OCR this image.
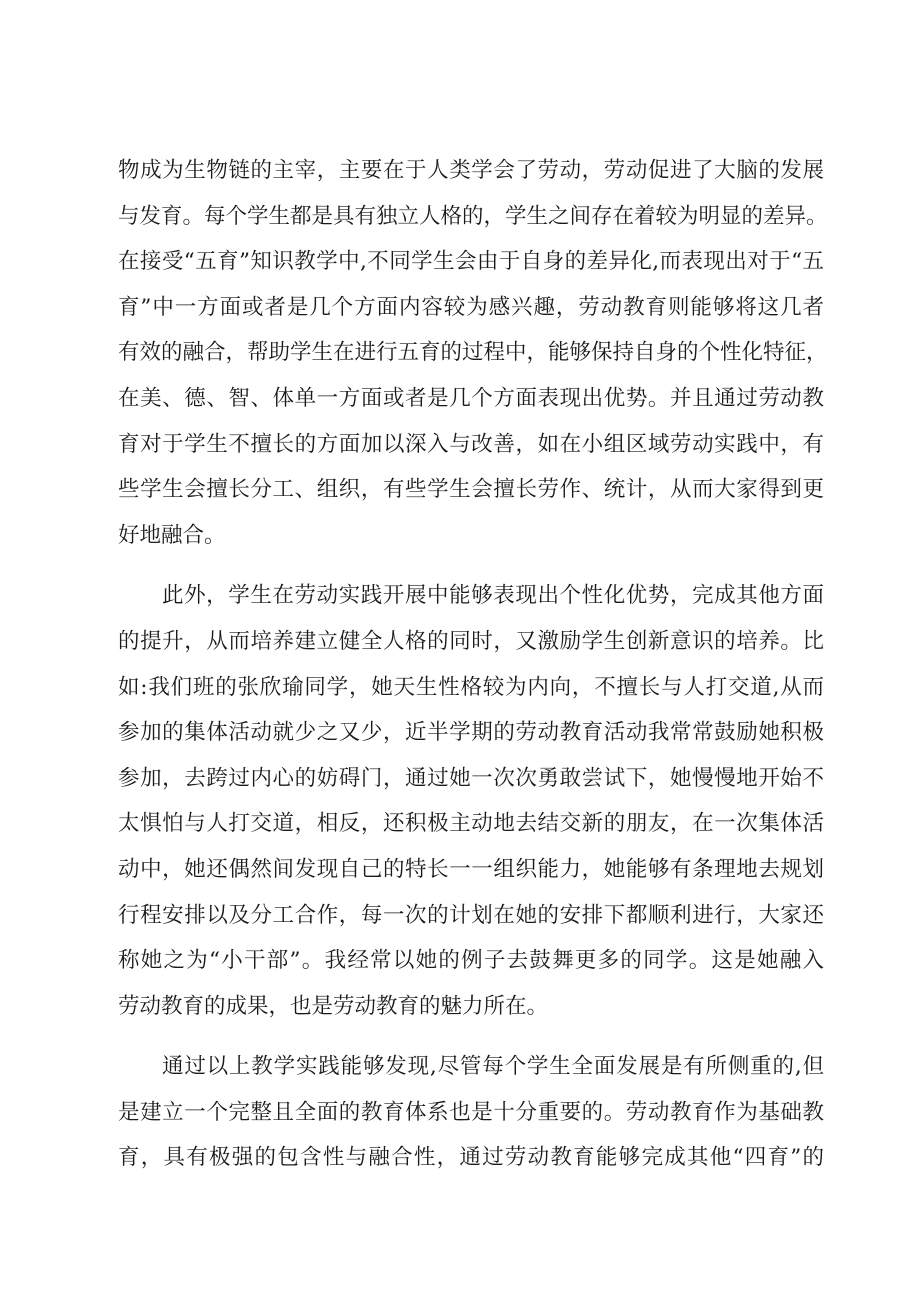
物成为生物链的主宰，主要在于人类学会了劳动，劳动促进了大脑的发展
与发育。每个学生都是具有独立人格的，学生之间存在着较为明显的差异。
在接受“五育”知识教学中,不同学生会由于自身的差异化,而表现出对于“五
育”中一方面或者是几个方面内容较为感兴趣，劳动教育则能够将这几者
有效的融合，帮助学生在进行五育的过程中，能够保持自身的个性化特征，
在美、德、智、体单一方面或者是几个方面表现出优势。并且通过劳动教
育对于学生不擅长的方面加以深入与改善，如在小组区域劳动实践中，有
些学生会擅长分工、组织，有些学生会擅长劳作、统计，从而大家得到更
好地融合。
此外，学生在劳动实践开展中能够表现出个性化优势，完成其他方面
的提升，从而培养建立健全人格的同时，又激励学生创新意识的培养。比
如:我们班的张欣瑜同学，她天生性格较为内向，不擅长与人打交道,从而
参加的集体活动就少之又少，近半学期的劳动教育活动我常常鼓励她积极
参加，去跨过内心的妨碍门，通过她一次次勇敢尝试下，她慢慢地开始不
太惧怕与人打交道，相反，还积极主动地去结交新的朋友，在一次集体活
动中，她还偶然间发现自己的特长一一组织能力，她能够有条理地去规划
行程安排以及分工合作，每一次的计划在她的安排下都顺利进行，大家还
称她之为“小干部”。我经常以她的例子去鼓舞更多的同学。这是她融入
劳动教育的成果，也是劳动教育的魅力所在。
通过以上教学实践能够发现,尽管每个学生全面发展是有所侧重的,但
是建立一个完整且全面的教育体系也是十分重要的。劳动教育作为基础教
育，具有极强的包含性与融合性，通过劳动教育能够完成其他“四育”的
